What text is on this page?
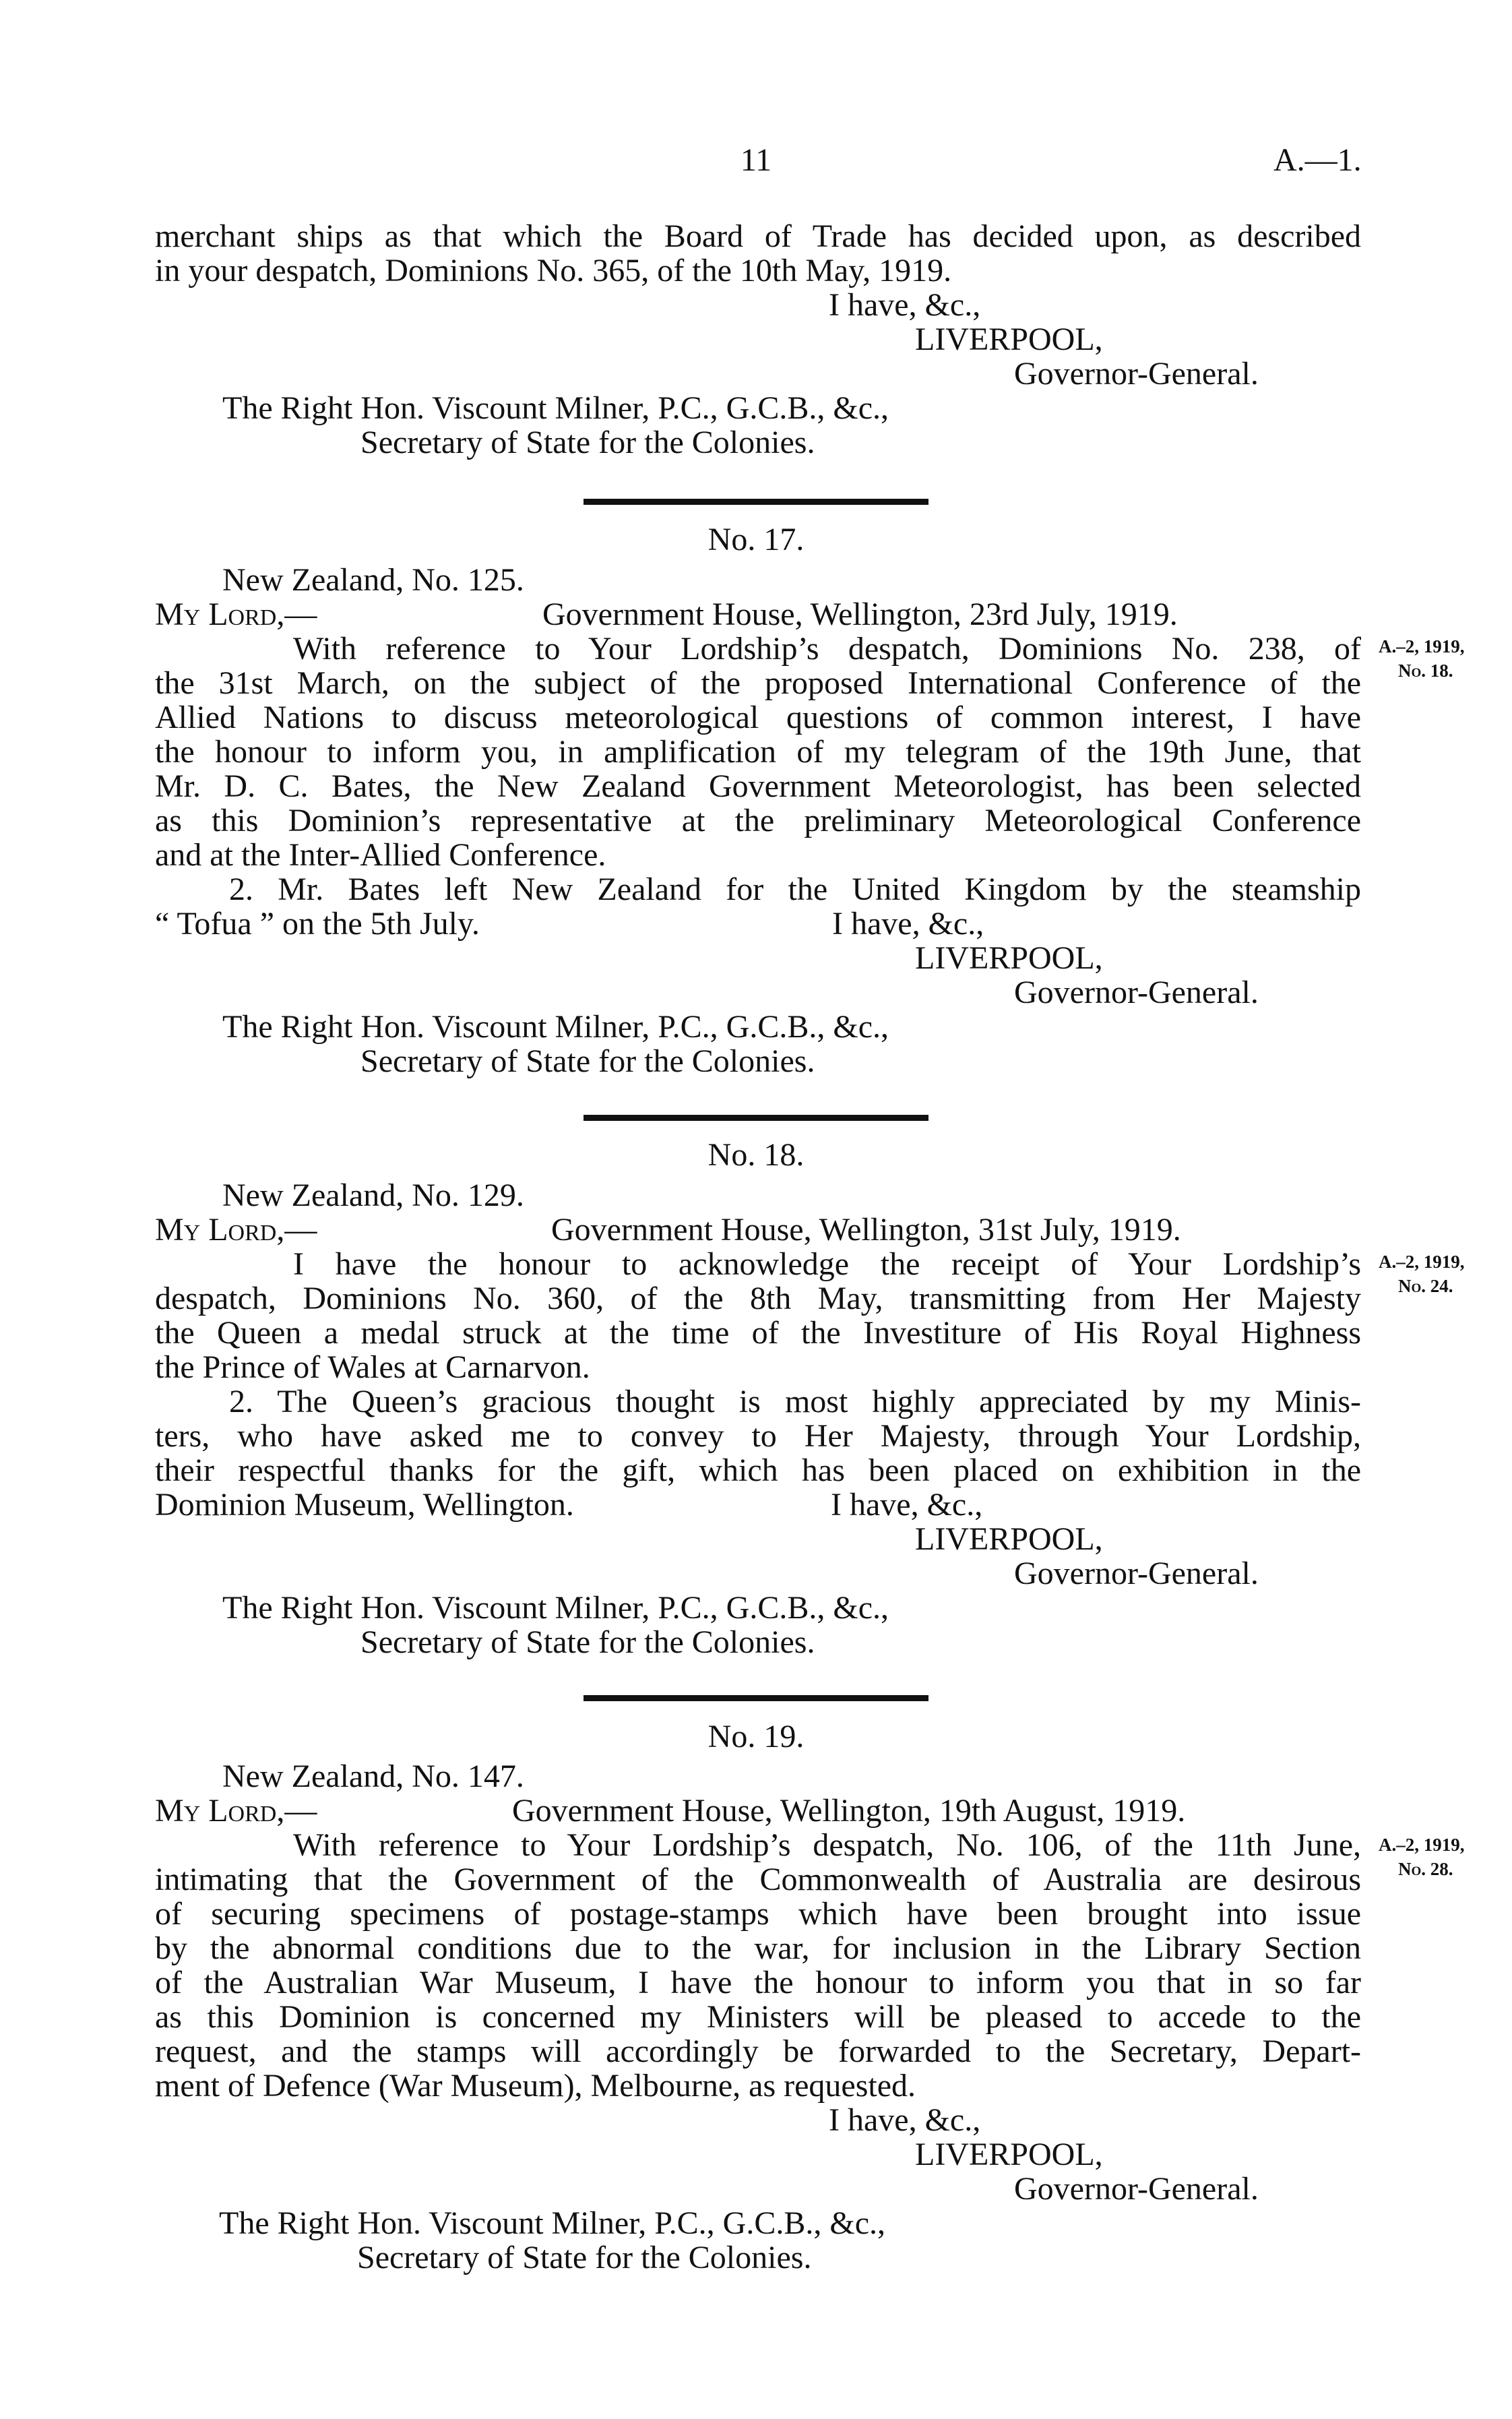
11	A.—1.
merchant ships as that which the Board of Trade has decided upon, as described
in your despatch, Dominions No. 365, of the 10th May, 1919.
I have, &c.,
LIVERPOOL,
Governor-General.
The Right Hon. Viscount Milner, P.C., G.C.B., &c.,
Secretary of State for the Colonies.
No. 17.
New Zealand, No. 125.
My Lord,—	Government House, Wellington, 23rd July, 1919.
With reference to Your Lordship’s despatch, Dominions No. 238, of A.–2, 1919,
the 31st March, on the subject of the proposed International Conference of the No. 18.
Allied Nations to discuss meteorological questions of common interest, I have
the honour to inform you, in amplification of my telegram of the 19th June, that
Mr. D. C. Bates, the New Zealand Government Meteorologist, has been selected
as this Dominion’s representative at the preliminary Meteorological Conference
and at the Inter-Allied Conference.
2. Mr. Bates left New Zealand for the United Kingdom by the steamship
“ Tofua ” on the 5th July.	I have, &c.,
LIVERPOOL,
Governor-General.
The Right Hon. Viscount Milner, P.C., G.C.B., &c.,
Secretary of State for the Colonies.
No. 18.
New Zealand, No. 129.
My Lord,—	Government House, Wellington, 31st July, 1919.
I have the honour to acknowledge the receipt of Your Lordship’s A.–2, 1919,
despatch, Dominions No. 360, of the 8th May, transmitting from Her Majesty No. 24.
the Queen a medal struck at the time of the Investiture of His Royal Highness
the Prince of Wales at Carnarvon.
2. The Queen’s gracious thought is most highly appreciated by my Minis-
ters, who have asked me to convey to Her Majesty, through Your Lordship,
their respectful thanks for the gift, which has been placed on exhibition in the
Dominion Museum, Wellington.	I have, &c.,
LIVERPOOL,
Governor-General.
The Right Hon. Viscount Milner, P.C., G.C.B., &c.,
Secretary of State for the Colonies.
No. 19.
New Zealand, No. 147.
My Lord,—	Government House, Wellington, 19th August, 1919.
With reference to Your Lordship’s despatch, No. 106, of the 11th June, A.–2, 1919,
intimating that the Government of the Commonwealth of Australia are desirous No. 28.
of securing specimens of postage-stamps which have been brought into issue
by the abnormal conditions due to the war, for inclusion in the Library Section
of the Australian War Museum, I have the honour to inform you that in so far
as this Dominion is concerned my Ministers will be pleased to accede to the
request, and the stamps will accordingly be forwarded to the Secretary, Depart-
ment of Defence (War Museum), Melbourne, as requested.
I have, &c.,
LIVERPOOL,
Governor-General.
The Right Hon. Viscount Milner, P.C., G.C.B., &c.,
Secretary of State for the Colonies.
